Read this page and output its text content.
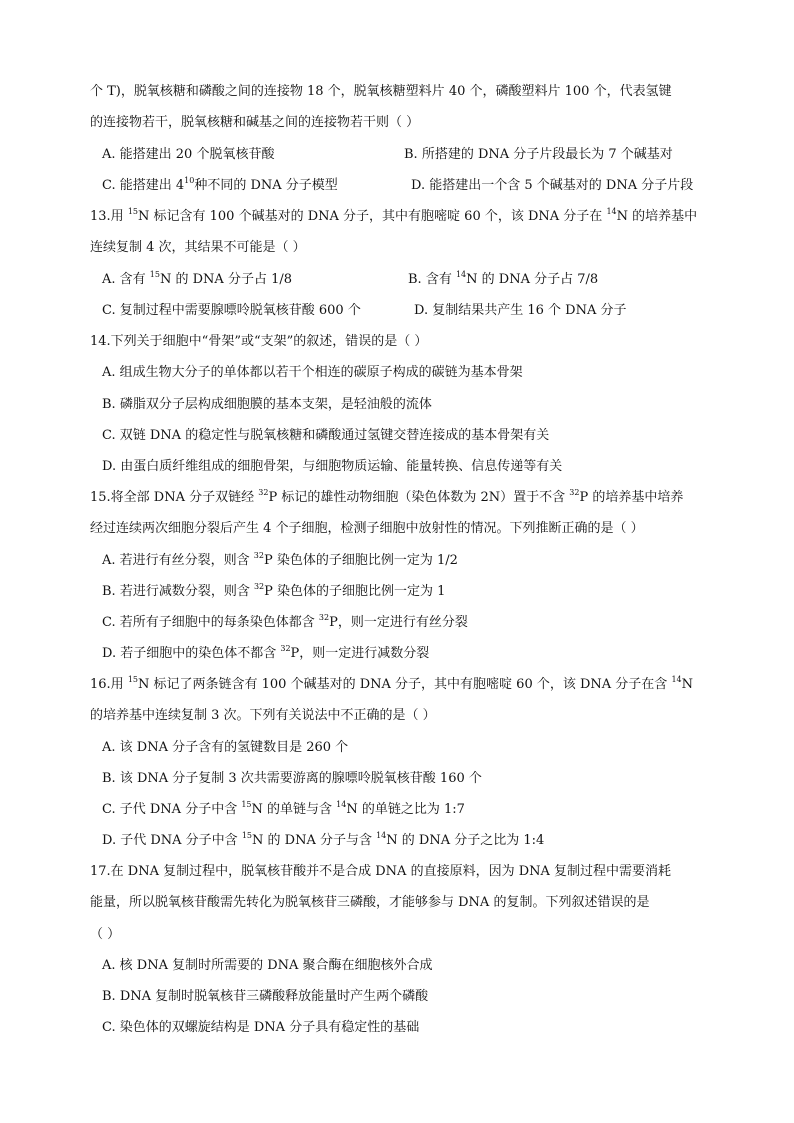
个 T)，脱氧核糖和磷酸之间的连接物 18 个，脱氧核糖塑料片 40 个，磷酸塑料片 100 个，代表氢键
的连接物若干，脱氧核糖和碱基之间的连接物若干则（ ）
A. 能搭建出 20 个脱氧核苷酸	B. 所搭建的 DNA 分子片段最长为 7 个碱基对
C. 能搭建出 $4^{10}$种不同的 DNA 分子模型	D. 能搭建出一个含 5 个碱基对的 DNA 分子片段
13.用 $^{15}$N 标记含有 100 个碱基对的 DNA 分子，其中有胞嘧啶 60 个，该 DNA 分子在 $^{14}$N 的培养基中
连续复制 4 次，其结果不可能是（ ）
A. 含有 $^{15}$N 的 DNA 分子占 1/8	B. 含有 $^{14}$N 的 DNA 分子占 7/8
C. 复制过程中需要腺嘌呤脱氧核苷酸 600 个	D. 复制结果共产生 16 个 DNA 分子
14.下列关于细胞中“骨架”或“支架”的叙述，错误的是（ ）
A. 组成生物大分子的单体都以若干个相连的碳原子构成的碳链为基本骨架
B. 磷脂双分子层构成细胞膜的基本支架，是轻油般的流体
C. 双链 DNA 的稳定性与脱氧核糖和磷酸通过氢键交替连接成的基本骨架有关
D. 由蛋白质纤维组成的细胞骨架，与细胞物质运输、能量转换、信息传递等有关
15.将全部 DNA 分子双链经 $^{32}$P 标记的雄性动物细胞（染色体数为 2N）置于不含 $^{32}$P 的培养基中培养
经过连续两次细胞分裂后产生 4 个子细胞，检测子细胞中放射性的情况。下列推断正确的是（ ）
A. 若进行有丝分裂，则含 $^{32}$P 染色体的子细胞比例一定为 1/2
B. 若进行减数分裂，则含 $^{32}$P 染色体的子细胞比例一定为 1
C. 若所有子细胞中的每条染色体都含 $^{32}$P，则一定进行有丝分裂
D. 若子细胞中的染色体不都含 $^{32}$P，则一定进行减数分裂
16.用 $^{15}$N 标记了两条链含有 100 个碱基对的 DNA 分子，其中有胞嘧啶 60 个，该 DNA 分子在含 $^{14}$N
的培养基中连续复制 3 次。下列有关说法中不正确的是（ ）
A. 该 DNA 分子含有的氢键数目是 260 个
B. 该 DNA 分子复制 3 次共需要游离的腺嘌呤脱氧核苷酸 160 个
C. 子代 DNA 分子中含 $^{15}$N 的单链与含 $^{14}$N 的单链之比为 1:7
D. 子代 DNA 分子中含 $^{15}$N 的 DNA 分子与含 $^{14}$N 的 DNA 分子之比为 1:4
17.在 DNA 复制过程中，脱氧核苷酸并不是合成 DNA 的直接原料，因为 DNA 复制过程中需要消耗
能量，所以脱氧核苷酸需先转化为脱氧核苷三磷酸，才能够参与 DNA 的复制。下列叙述错误的是
（ ）
A. 核 DNA 复制时所需要的 DNA 聚合酶在细胞核外合成
B. DNA 复制时脱氧核苷三磷酸释放能量时产生两个磷酸
C. 染色体的双螺旋结构是 DNA 分子具有稳定性的基础
